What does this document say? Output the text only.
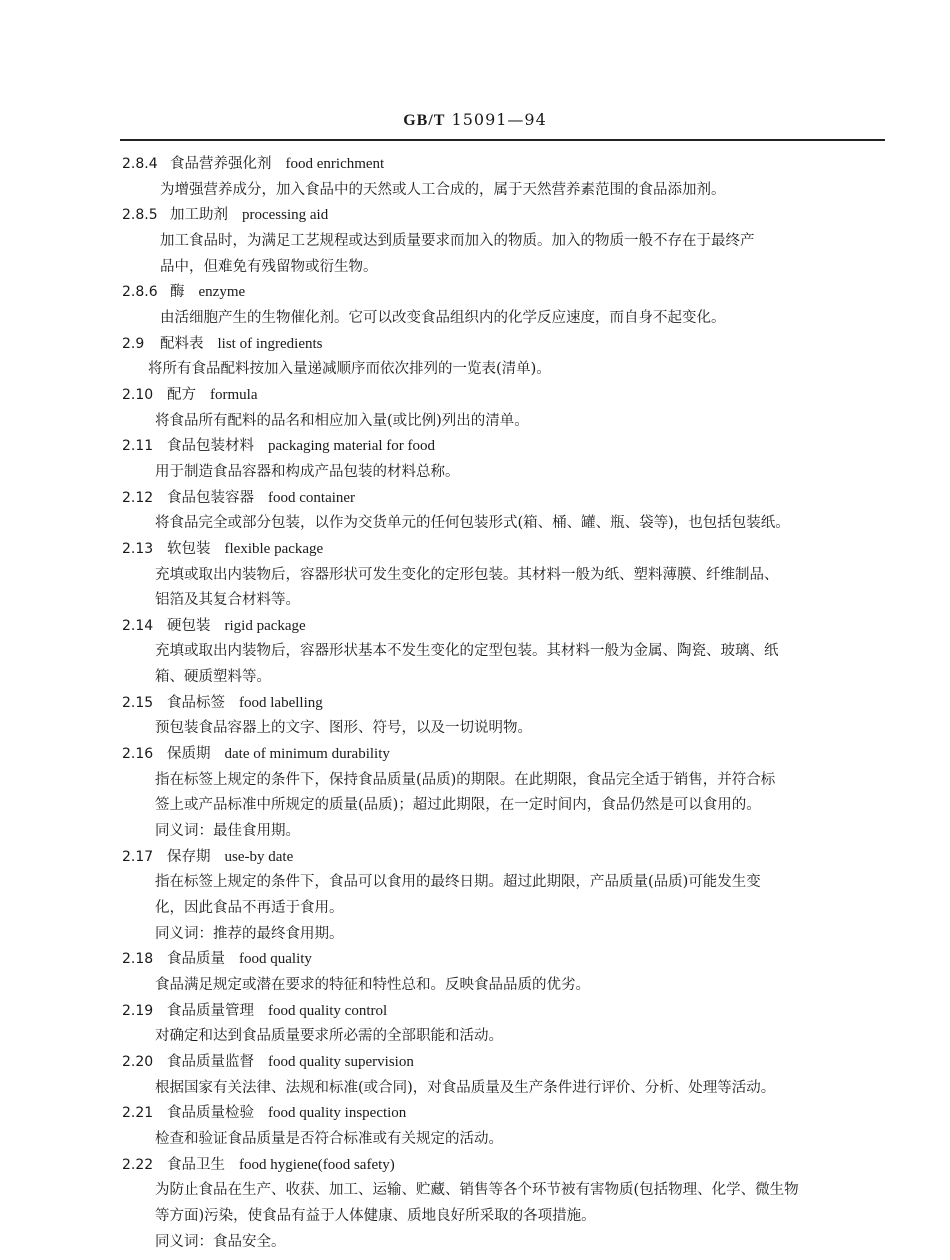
GB/T 15091—94
2.8.4 食品营养强化剂 food enrichment
为增强营养成分，加入食品中的天然或人工合成的，属于天然营养素范围的食品添加剂。
2.8.5 加工助剂 processing aid
加工食品时，为满足工艺规程或达到质量要求而加入的物质。加入的物质一般不存在于最终产
品中，但难免有残留物或衍生物。
2.8.6 酶 enzyme
由活细胞产生的生物催化剂。它可以改变食品组织内的化学反应速度，而自身不起变化。
2.9 配料表 list of ingredients
将所有食品配料按加入量递减顺序而依次排列的一览表(清单)。
2.10 配方 formula
将食品所有配料的品名和相应加入量(或比例)列出的清单。
2.11 食品包装材料 packaging material for food
用于制造食品容器和构成产品包装的材料总称。
2.12 食品包装容器 food container
将食品完全或部分包装，以作为交货单元的任何包装形式(箱、桶、罐、瓶、袋等)，也包括包装纸。
2.13 软包装 flexible package
充填或取出内装物后，容器形状可发生变化的定形包装。其材料一般为纸、塑料薄膜、纤维制品、
铝箔及其复合材料等。
2.14 硬包装 rigid package
充填或取出内装物后，容器形状基本不发生变化的定型包装。其材料一般为金属、陶瓷、玻璃、纸
箱、硬质塑料等。
2.15 食品标签 food labelling
预包装食品容器上的文字、图形、符号，以及一切说明物。
2.16 保质期 date of minimum durability
指在标签上规定的条件下，保持食品质量(品质)的期限。在此期限，食品完全适于销售，并符合标
签上或产品标准中所规定的质量(品质)；超过此期限，在一定时间内，食品仍然是可以食用的。
同义词：最佳食用期。
2.17 保存期 use-by date
指在标签上规定的条件下，食品可以食用的最终日期。超过此期限，产品质量(品质)可能发生变
化，因此食品不再适于食用。
同义词：推荐的最终食用期。
2.18 食品质量 food quality
食品满足规定或潜在要求的特征和特性总和。反映食品品质的优劣。
2.19 食品质量管理 food quality control
对确定和达到食品质量要求所必需的全部职能和活动。
2.20 食品质量监督 food quality supervision
根据国家有关法律、法规和标准(或合同)，对食品质量及生产条件进行评价、分析、处理等活动。
2.21 食品质量检验 food quality inspection
检查和验证食品质量是否符合标准或有关规定的活动。
2.22 食品卫生 food hygiene(food safety)
为防止食品在生产、收获、加工、运输、贮藏、销售等各个环节被有害物质(包括物理、化学、微生物
等方面)污染，使食品有益于人体健康、质地良好所采取的各项措施。
同义词：食品安全。
